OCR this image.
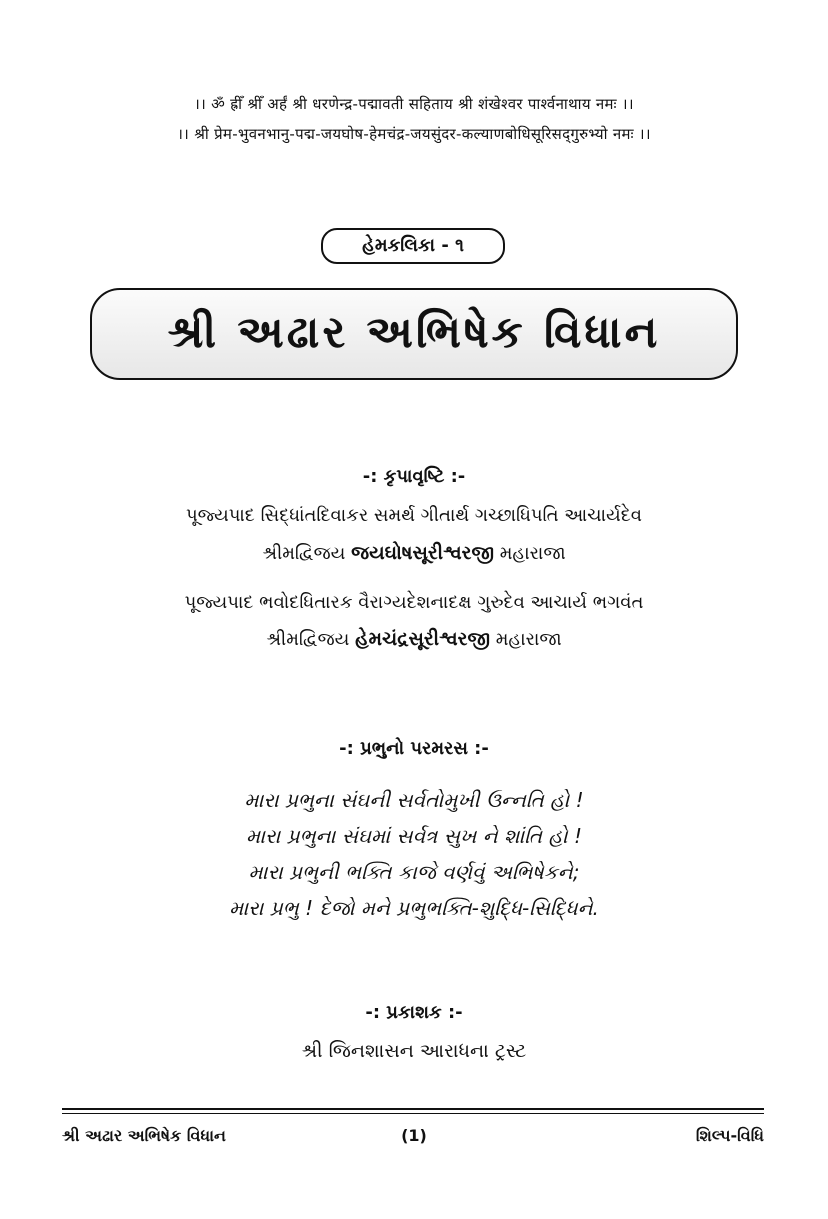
।। ॐ ह्रीँ श्रीँ अर्हं श्री धरणेन्द्र-पद्मावती सहिताय श्री शंखेश्वर पार्श्वनाथाय नमः ।।
।। श्री प्रेम-भुवनभानु-पद्म-जयघोष-हेमचंद्र-जयसुंदर-कल्याणबोधिसूरिसद्‌गुरुभ्यो नमः ।।
હેમકલિકા - ૧
શ્રી અઢાર અભિષેક વિધાન
-: કૃપાવૃષ્ટિ :-
પૂજ્યપાદ સિદ્ધાંતદિવાકર સમર્થ ગીતાર્થ ગચ્છાધિપતિ આચાર્યદેવ
શ્રીમદ્વિજય જયઘોષસૂરીશ્વરજી મહારાજા
પૂજ્યપાદ ભવોદધિતારક વૈરાગ્યદેશનાદક્ષ ગુરુદેવ આચાર્ય ભગવંત
શ્રીમદ્વિજય હેમચંદ્રસૂરીશ્વરજી મહારાજા
-: પ્રભુનો પરમરસ :-
મારા પ્રભુના સંઘની સર્વતોમુખી ઉન્નતિ હો !
મારા પ્રભુના સંઘમાં સર્વત્ર સુખ ને શાંતિ હો !
મારા પ્રભુની ભક્તિ કાજે વર્ણવું અભિષેકને;
મારા પ્રભુ ! દેજો મને પ્રભુભક્તિ-શુદ્ધિ-સિદ્ધિને.
-: પ્રકાશક :-
શ્રી જિનશાસન આરાધના ટ્રસ્ટ
શ્રી અઢાર અભિષેક વિધાન	(1)	શિલ્પ-વિધિ
